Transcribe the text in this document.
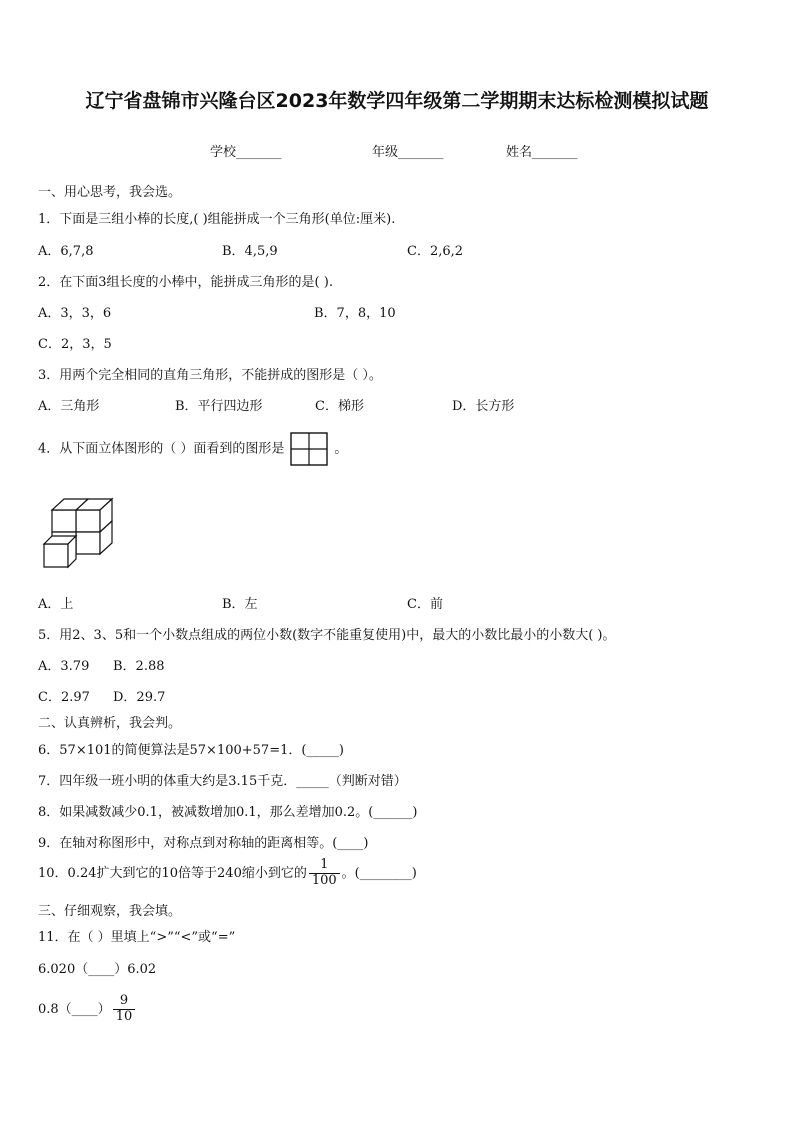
辽宁省盘锦市兴隆台区2023年数学四年级第二学期期末达标检测模拟试题
学校_______	年级_______	姓名_______
一、用心思考，我会选。
1．下面是三组小棒的长度,( )组能拼成一个三角形(单位:厘米).
A．6,7,8	B．4,5,9	C．2,6,2
2．在下面3组长度的小棒中，能拼成三角形的是( ).
A．3，3，6	B．7，8，10
C．2，3，5
3．用两个完全相同的直角三角形，不能拼成的图形是（ ）。
A．三角形	B．平行四边形	C．梯形	D．长方形
4．从下面立体图形的（ ）面看到的图形是	。
A．上	B．左	C．前
5．用2、3、5和一个小数点组成的两位小数(数字不能重复使用)中，最大的小数比最小的小数大( )。
A．3.79 B．2.88
C．2.97 D．29.7
二、认真辨析，我会判。
6．57×101的简便算法是57×100+57=1．(_____)
7．四年级一班小明的体重大约是3.15千克．_____（判断对错）
8．如果减数减少0.1，被减数增加0.1，那么差增加0.2。(______)
9．在轴对称图形中，对称点到对称轴的距离相等。(____)
10．0.24扩大到它的10倍等于240缩小到它的 $\frac{1}{100}$ 。(________)
三、仔细观察，我会填。
11．在（ ）里填上“>”“<”或“=”
6.020（____）6.02
0.8（____） $\frac{9}{10}$
